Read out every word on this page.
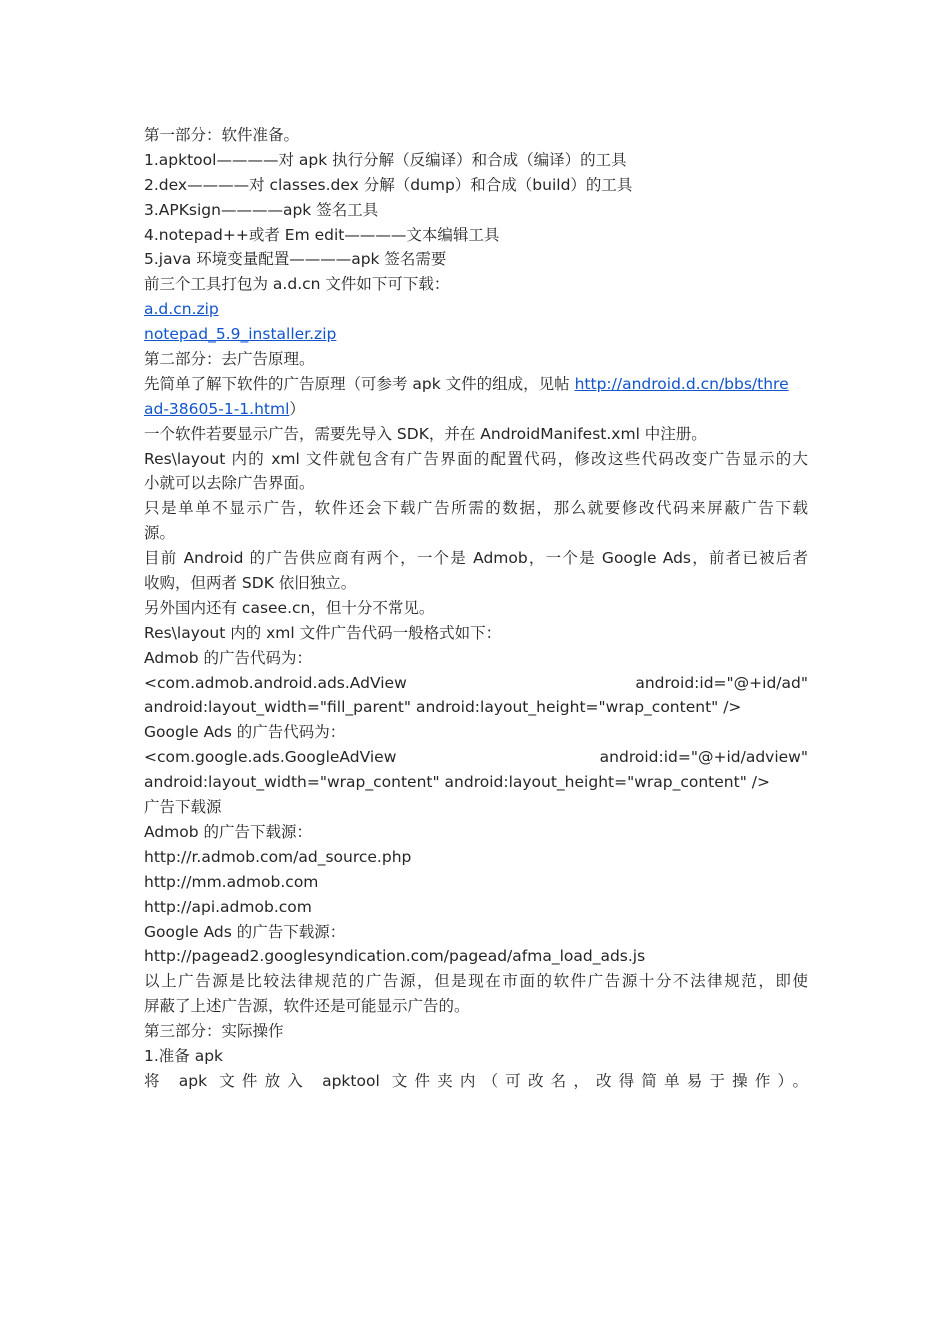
第一部分：软件准备。
1.apktool————对 apk 执行分解（反编译）和合成（编译）的工具
2.dex————对 classes.dex 分解（dump）和合成（build）的工具
3.APKsign————apk 签名工具
4.notepad++或者 Em edit————文本编辑工具
5.java 环境变量配置————apk 签名需要
前三个工具打包为 a.d.cn 文件如下可下载：
a.d.cn.zip
notepad_5.9_installer.zip
第二部分：去广告原理。
先简单了解下软件的广告原理（可参考 apk 文件的组成，见帖 http://android.d.cn/bbs/thre
ad-38605-1-1.html）
一个软件若要显示广告，需要先导入 SDK，并在 AndroidManifest.xml 中注册。
Res\layout 内的 xml 文件就包含有广告界面的配置代码，修改这些代码改变广告显示的大
小就可以去除广告界面。
只是单单不显示广告，软件还会下载广告所需的数据，那么就要修改代码来屏蔽广告下载
源。
目前 Android 的广告供应商有两个，一个是 Admob，一个是 Google Ads，前者已被后者
收购，但两者 SDK 依旧独立。
另外国内还有 casee.cn，但十分不常见。
Res\layout 内的 xml 文件广告代码一般格式如下：
Admob 的广告代码为：
<com.admob.android.ads.AdView	android:id="@+id/ad"
android:layout_width="fill_parent" android:layout_height="wrap_content" />
Google Ads 的广告代码为：
<com.google.ads.GoogleAdView	android:id="@+id/adview"
android:layout_width="wrap_content" android:layout_height="wrap_content" />
广告下载源
Admob 的广告下载源：
http://r.admob.com/ad_source.php
http://mm.admob.com
http://api.admob.com
Google Ads 的广告下载源：
http://pagead2.googlesyndication.com/pagead/afma_load_ads.js
以上广告源是比较法律规范的广告源，但是现在市面的软件广告源十分不法律规范，即使
屏蔽了上述广告源，软件还是可能显示广告的。
第三部分：实际操作
1.准备 apk
将 apk 文件放入 apktool 文件夹内（可改名，改得简单易于操作）。
